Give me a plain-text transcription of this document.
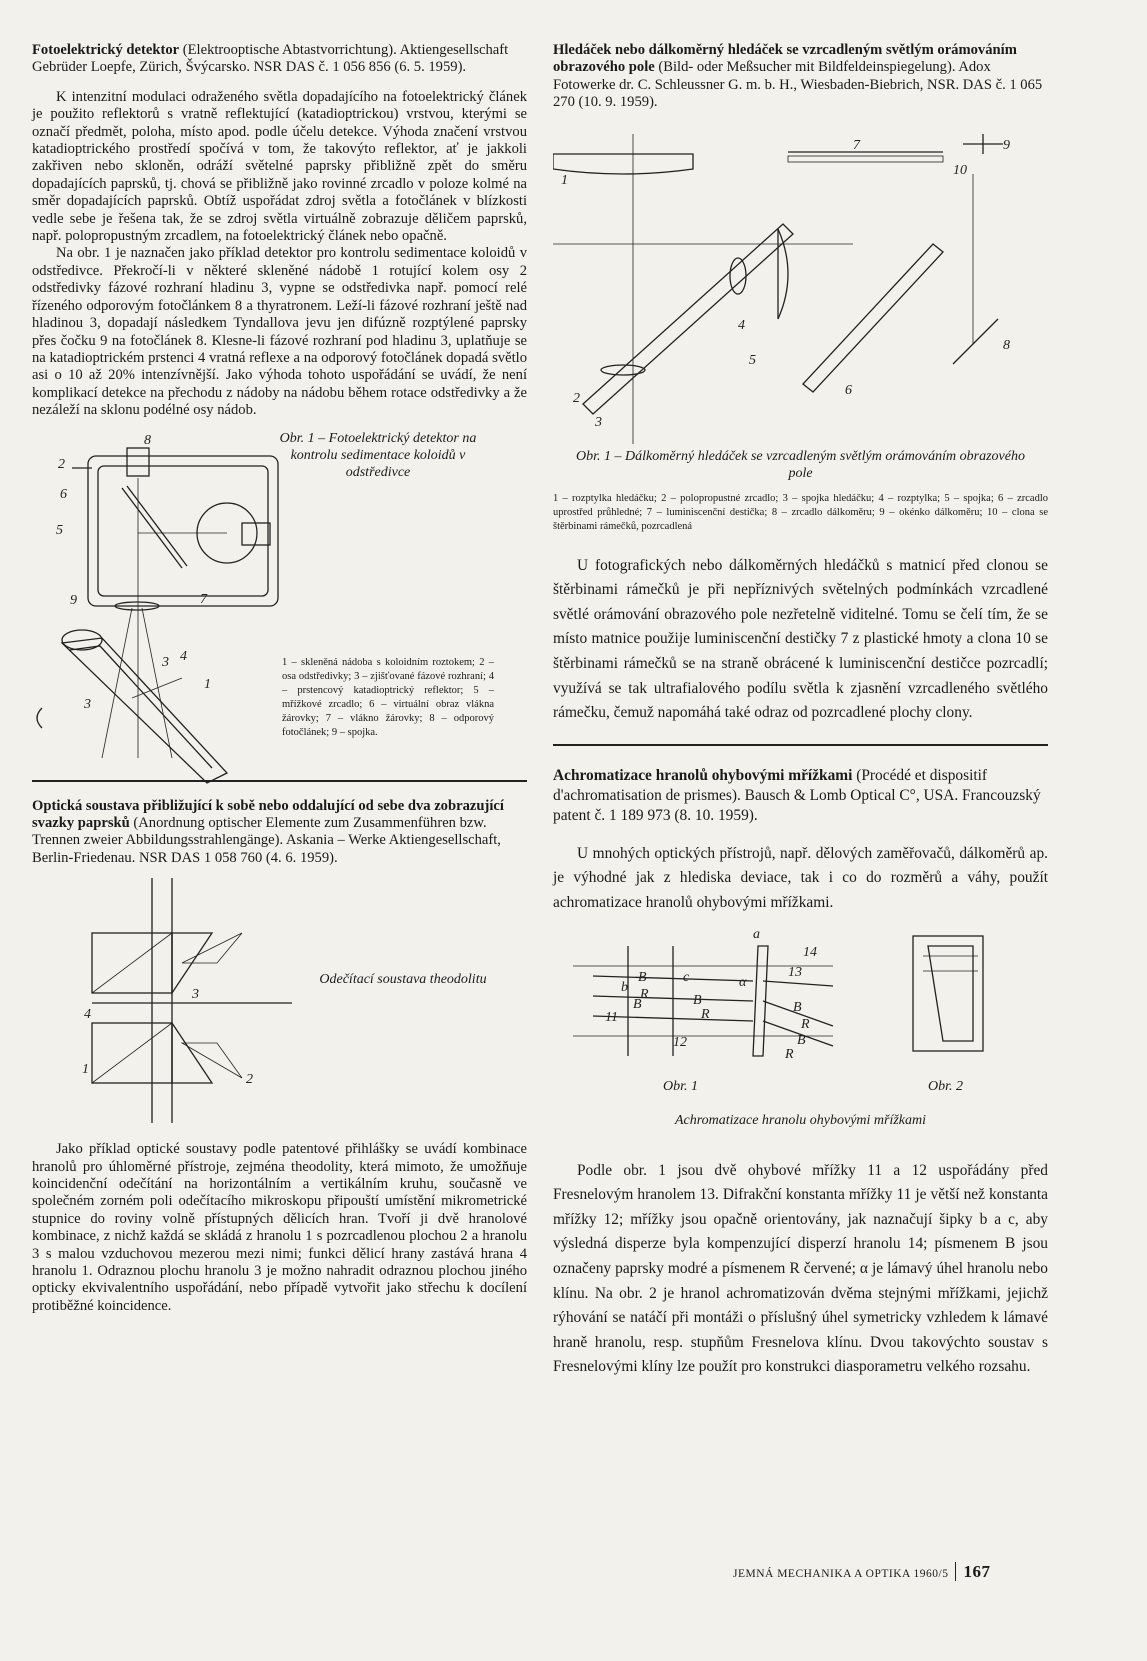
Fotoelektrický detektor (Elektrooptische Abtastvorrichtung). Aktiengesellschaft Gebrüder Loepfe, Zürich, Švýcarsko. NSR DAS č. 1 056 856 (6. 5. 1959).

K intenzitní modulaci odraženého světla dopadajícího na fotoelektrický článek je použito reflektorů s vratně reflektující (katadioptrickou) vrstvou, kterými se označí předmět, poloha, místo apod. podle účelu detekce. Výhoda značení vrstvou katadioptrického prostředí spočívá v tom, že takovýto reflektor, ať je jakkoli zakřiven nebo skloněn, odráží světelné paprsky přibližně zpět do směru dopadajících paprsků, tj. chová se přibližně jako rovinné zrcadlo v poloze kolmé na směr dopadajících paprsků. Obtíž uspořádat zdroj světla a fotočlánek v blízkosti vedle sebe je řešena tak, že se zdroj světla virtuálně zobrazuje děličem paprsků, např. polopropustným zrcadlem, na fotoelektrický článek nebo opačně.

Na obr. 1 je naznačen jako příklad detektor pro kontrolu sedimentace koloidů v odstředivce. Překročí-li v některé skleněné nádobě 1 rotující kolem osy 2 odstředivky fázové rozhraní hladinu 3, vypne se odstředivka např. pomocí relé řízeného odporovým fotočlánkem 8 a thyratronem. Leží-li fázové rozhraní ještě nad hladinou 3, dopadají následkem Tyndallova jevu jen difúzně rozptýlené paprsky přes čočku 9 na fotočlánek 8. Klesne-li fázové rozhraní pod hladinu 3, uplatňuje se na katadioptrickém prstenci 4 vratná reflexe a na odporový fotočlánek dopadá světlo asi o 10 až 20% intenzívnější. Jako výhoda tohoto uspořádání se uvádí, že není komplikací detekce na přechodu z nádoby na nádobu během rotace odstředivky a že nezáleží na sklonu podélné osy nádob.

8
2
6
5
9	7
4
3
1
3
Obr. 1 – Fotoelektrický detektor na kontrolu sedimentace koloidů v odstředivce
1 – skleněná nádoba s koloidním roztokem; 2 – osa odstředivky; 3 – zjišťované fázové rozhraní; 4 – prstencový katadioptrický reflektor; 5 – mřížkové zrcadlo; 6 – virtuální obraz vlákna žárovky; 7 – vlákno žárovky; 8 – odporový fotočlánek; 9 – spojka.

Optická soustava přibližující k sobě nebo oddalující od sebe dva zobrazující svazky paprsků (Anordnung optischer Elemente zum Zusammenführen bzw. Trennen zweier Abbildungsstrahlengänge). Askania – Werke Aktiengesellschaft, Berlin-Friedenau. NSR DAS 1 058 760 (4. 6. 1959).

3
4
1
2
Odečítací soustava theodolitu

Jako příklad optické soustavy podle patentové přihlášky se uvádí kombinace hranolů pro úhloměrné přístroje, zejména theodolity, která mimoto, že umožňuje koincidenční odečítání na horizontálním a vertikálním kruhu, současně ve společném zorném poli odečítacího mikroskopu připouští umístění mikrometrické stupnice do roviny volně přístupných dělicích hran. Tvoří ji dvě hranolové kombinace, z nichž každá se skládá z hranolu 1 s pozrcadlenou plochou 2 a hranolu 3 s malou vzduchovou mezerou mezi nimi; funkci dělicí hrany zastává hrana 4 hranolu 1. Odraznou plochu hranolu 3 je možno nahradit odraznou plochou jiného opticky ekvivalentního uspořádání, nebo případě vytvořit jako střechu k docílení protiběžné koincidence.

Hledáček nebo dálkoměrný hledáček se vzrcadleným světlým orámováním obrazového pole (Bild- oder Meßsucher mit Bildfeldeinspiegelung). Adox Fotowerke dr. C. Schleussner G. m. b. H., Wiesbaden-Biebrich, NSR. DAS č. 1 065 270 (10. 9. 1959).

7	9
10
1
8
4
2
5
6
3
Obr. 1 – Dálkoměrný hledáček se vzrcadleným světlým orámováním obrazového pole
1 – rozptylka hledáčku; 2 – polopropustné zrcadlo; 3 – spojka hledáčku; 4 – rozptylka; 5 – spojka; 6 – zrcadlo uprostřed průhledné; 7 – luminiscenční destička; 8 – zrcadlo dálkoměru; 9 – okénko dálkoměru; 10 – clona se štěrbinami rámečků, pozrcadlená

U fotografických nebo dálkoměrných hledáčků s matnicí před clonou se štěrbinami rámečků je při nepříznivých světelných podmínkách vzrcadlené světlé orámování obrazového pole nezřetelně viditelné. Tomu se čelí tím, že se místo matnice použije luminiscenční destičky 7 z plastické hmoty a clona 10 se štěrbinami rámečků se na straně obrácené k luminiscenční destičce pozrcadlí; využívá se tak ultrafialového podílu světla k zjasnění vzrcadleného světlého rámečku, čemuž napomáhá také odraz od pozrcadlené plochy clony.

Achromatizace hranolů ohybovými mřížkami (Procédé et dispositif d'achromatisation de prismes). Bausch & Lomb Optical C°, USA. Francouzský patent č. 1 189 973 (8. 10. 1959).

U mnohých optických přístrojů, např. dělových zaměřovačů, dálkoměrů ap. je výhodné jak z hlediska deviace, tak i co do rozměrů a váhy, použít achromatizace hranolů ohybovými mřížkami.

B
R
B	B
R
11
12
13
B
R
B
R
b
c
a
α
14
Obr. 1	Obr. 2
Achromatizace hranolu ohybovými mřížkami

Podle obr. 1 jsou dvě ohybové mřížky 11 a 12 uspořádány před Fresnelovým hranolem 13. Difrakční konstanta mřížky 11 je větší než konstanta mřížky 12; mřížky jsou opačně orientovány, jak naznačují šipky b a c, aby výsledná disperze byla kompenzující disperzí hranolu 14; písmenem B jsou označeny paprsky modré a písmenem R červené; α je lámavý úhel hranolu nebo klínu. Na obr. 2 je hranol achromatizován dvěma stejnými mřížkami, jejichž rýhování se natáčí při montáži o příslušný úhel symetricky vzhledem k lámavé hraně hranolu, resp. stupňům Fresnelova klínu. Dvou takovýchto soustav s Fresnelovými klíny lze použít pro konstrukci diasporametru velkého rozsahu.

JEMNÁ MECHANIKA A OPTIKA 1960/5 167
